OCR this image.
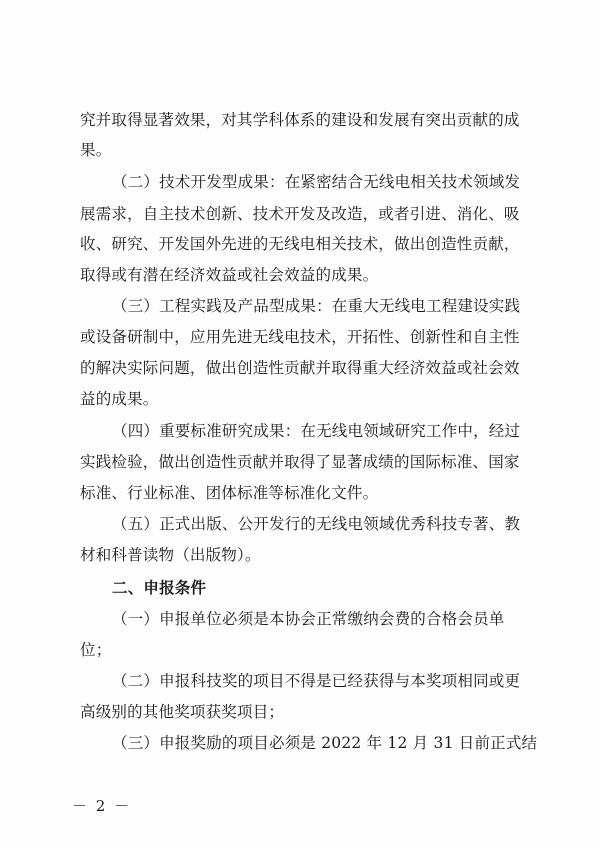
究并取得显著效果，对其学科体系的建设和发展有突出贡献的成
果。
（二）技术开发型成果：在紧密结合无线电相关技术领域发
展需求，自主技术创新、技术开发及改造，或者引进、消化、吸
收、研究、开发国外先进的无线电相关技术，做出创造性贡献，
取得或有潜在经济效益或社会效益的成果。
（三）工程实践及产品型成果：在重大无线电工程建设实践
或设备研制中，应用先进无线电技术，开拓性、创新性和自主性
的解决实际问题，做出创造性贡献并取得重大经济效益或社会效
益的成果。
（四）重要标准研究成果：在无线电领域研究工作中，经过
实践检验，做出创造性贡献并取得了显著成绩的国际标准、国家
标准、行业标准、团体标准等标准化文件。
（五）正式出版、公开发行的无线电领域优秀科技专著、教
材和科普读物（出版物）。
二、申报条件
（一）申报单位必须是本协会正常缴纳会费的合格会员单
位；
（二）申报科技奖的项目不得是已经获得与本奖项相同或更
高级别的其他奖项获奖项目；
（三）申报奖励的项目必须是 2022 年 12 月 31 日前正式结
－ 2 －
